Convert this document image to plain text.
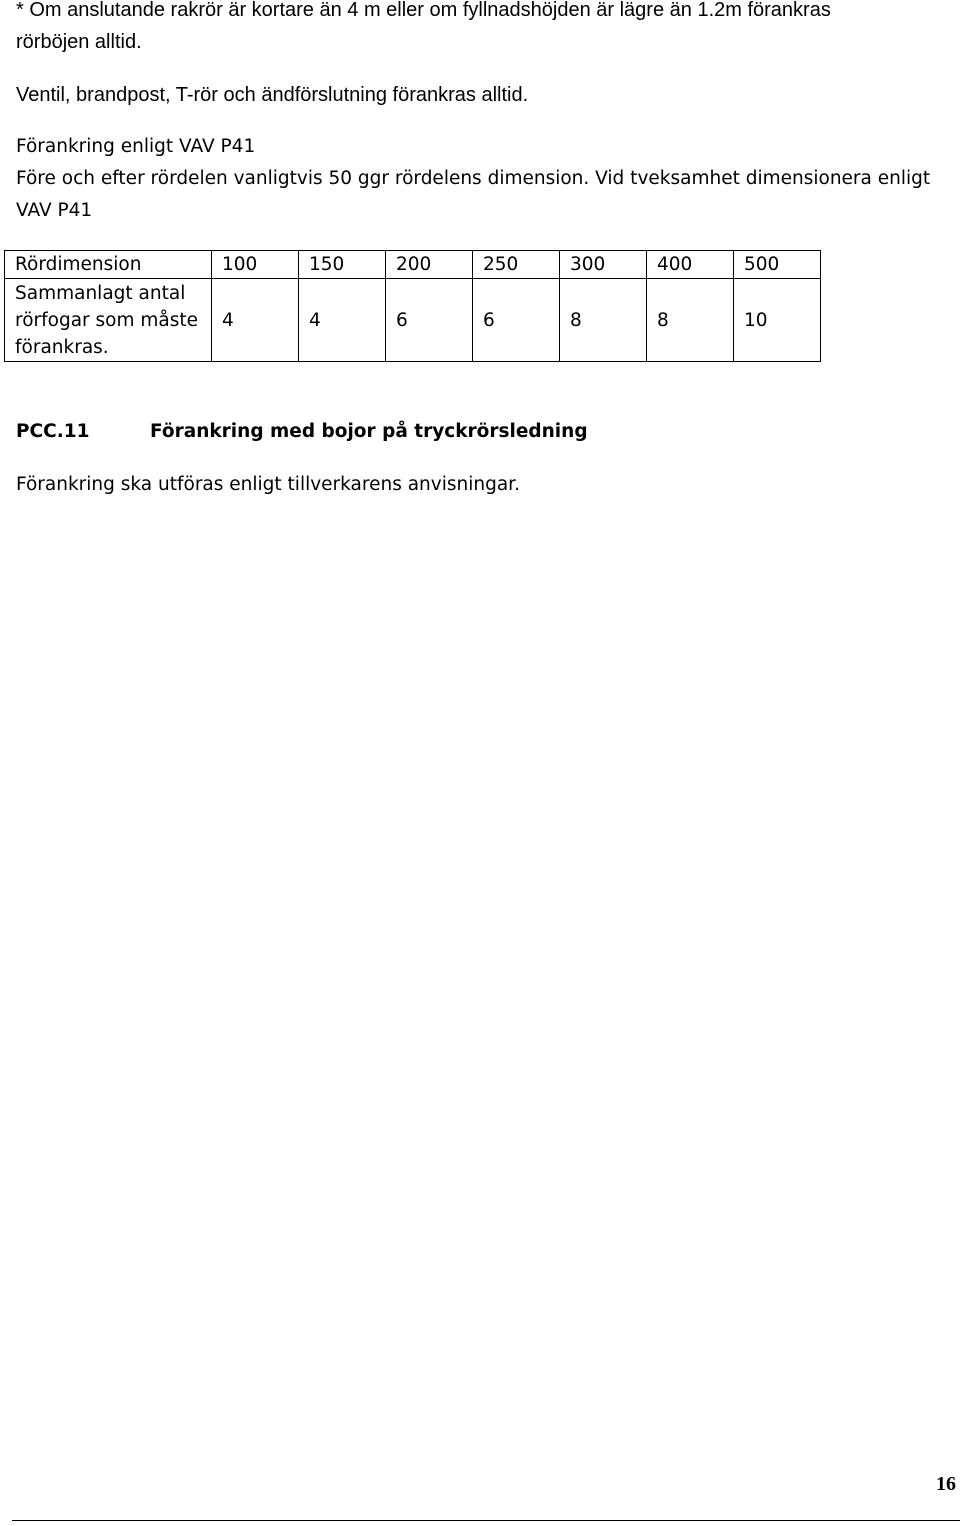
* Om anslutande rakrör är kortare än 4 m eller om fyllnadshöjden är lägre än 1.2m förankras

rörböjen alltid.

Ventil, brandpost, T-rör och ändförslutning förankras alltid.

Förankring enligt VAV P41

Före och efter rördelen vanligtvis 50 ggr rördelens dimension. Vid tveksamhet dimensionera enligt

VAV P41

Rördimension	100	150	200	250	300	400	500

Sammanlagt antal
rörfogar som måste
förankras.	4	4	6	6	8	8	10
PCC.11	Förankring med bojor på tryckrörsledning

Förankring ska utföras enligt tillverkarens anvisningar.

16
